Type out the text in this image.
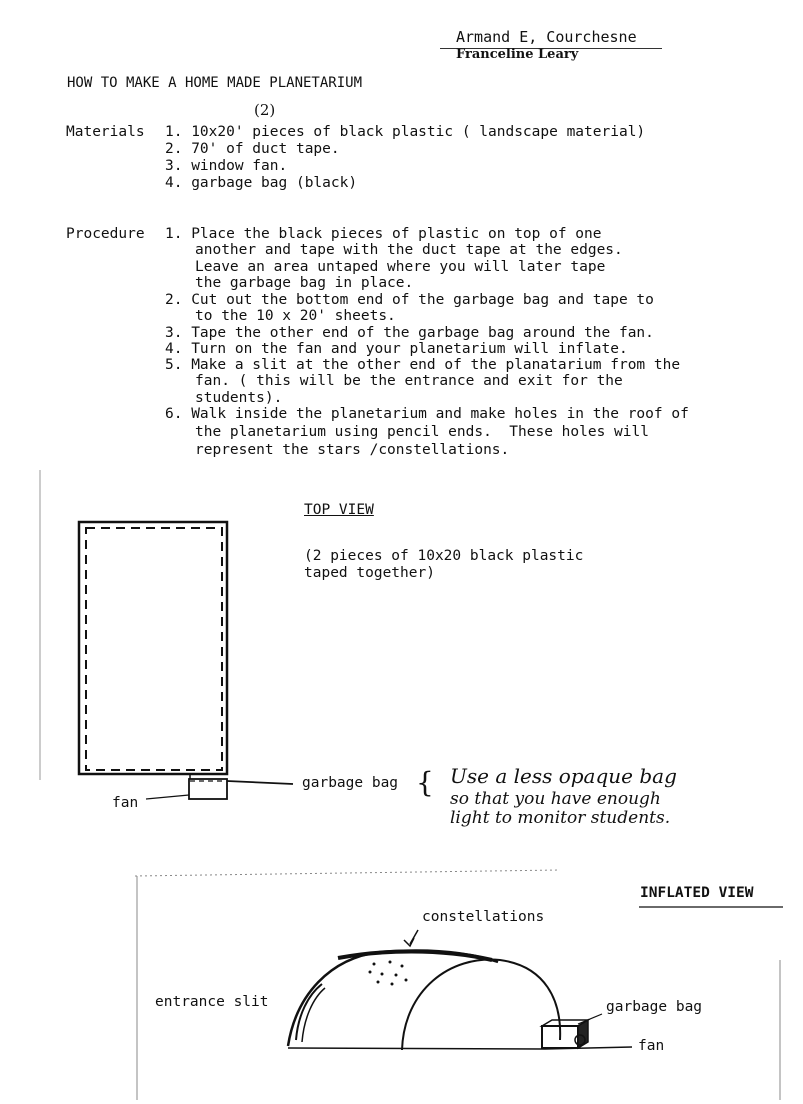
Armand E, Courchesne
Franceline Leary
HOW TO MAKE A HOME MADE PLANETARIUM
Materials
(2)
1. 10x20' pieces of black plastic ( landscape material)
2. 70' of duct tape.
3. window fan.
4. garbage bag (black)
Procedure 1. Place the black pieces of plastic on top of one
another and tape with the duct tape at the edges.
Leave an area untaped where you will later tape
the garbage bag in place.
2. Cut out the bottom end of the garbage bag and tape to
to the 10 x 20' sheets.
3. Tape the other end of the garbage bag around the fan.
4. Turn on the fan and your planetarium will inflate.
5. Make a slit at the other end of the planatarium from the
fan. ( this will be the entrance and exit for the
students).
6. Walk inside the planetarium and make holes in the roof of
the planetarium using pencil ends.  These holes will
represent the stars /constellations.
TOP VIEW
(2 pieces of 10x20 black plastic
taped together)
garbage bag
fan
{ Use a less opaque bag
so that you have enough
light to monitor students.
INFLATED VIEW
constellations
entrance slit	garbage bag
fan
